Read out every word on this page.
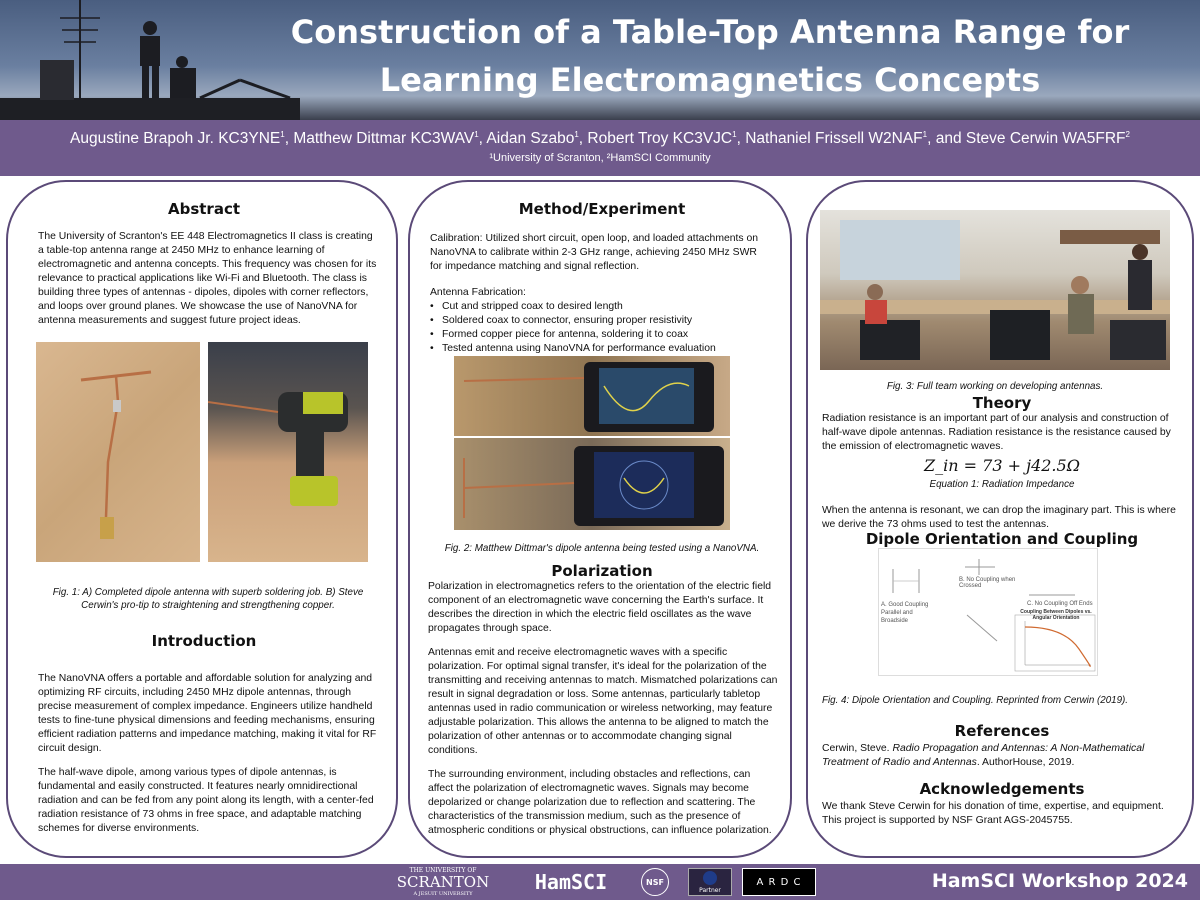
Construction of a Table-Top Antenna Range for Learning Electromagnetics Concepts
Augustine Brapoh Jr. KC3YNE$^1$, Matthew Dittmar KC3WAV$^1$, Aidan Szabo$^1$, Robert Troy KC3VJC$^1$, Nathaniel Frissell W2NAF$^1$, and Steve Cerwin WA5FRF$^2$
¹University of Scranton, ²HamSCI Community
Abstract
The University of Scranton's EE 448 Electromagnetics II class is creating a table-top antenna range at 2450 MHz to enhance learning of electromagnetic and antenna concepts. This frequency was chosen for its relevance to practical applications like Wi-Fi and Bluetooth. The class is building three types of antennas - dipoles, dipoles with corner reflectors, and loops over ground planes. We showcase the use of NanoVNA for antenna measurements and suggest future project ideas.
Fig. 1: A) Completed dipole antenna with superb soldering job. B) Steve Cerwin's pro-tip to straightening and strengthening copper.
Introduction
The NanoVNA offers a portable and affordable solution for analyzing and optimizing RF circuits, including 2450 MHz dipole antennas, through precise measurement of complex impedance. Engineers utilize handheld tests to fine-tune physical dimensions and feeding mechanisms, ensuring efficient radiation patterns and impedance matching, making it vital for RF circuit design.
The half-wave dipole, among various types of dipole antennas, is fundamental and easily constructed. It features nearly omnidirectional radiation and can be fed from any point along its length, with a center-fed radiation resistance of 73 ohms in free space, and adaptable matching schemes for diverse environments.
Method/Experiment
Calibration: Utilized short circuit, open loop, and loaded attachments on NanoVNA to calibrate within 2-3 GHz range, achieving 2450 MHz SWR for impedance matching and signal reflection.
Antenna Fabrication:
• Cut and stripped coax to desired length
• Soldered coax to connector, ensuring proper resistivity
• Formed copper piece for antenna, soldering it to coax
• Tested antenna using NanoVNA for performance evaluation
Fig. 2: Matthew Dittmar's dipole antenna being tested using a NanoVNA.
Polarization
Polarization in electromagnetics refers to the orientation of the electric field component of an electromagnetic wave concerning the Earth's surface. It describes the direction in which the electric field oscillates as the wave propagates through space.
Antennas emit and receive electromagnetic waves with a specific polarization. For optimal signal transfer, it's ideal for the polarization of the transmitting and receiving antennas to match. Mismatched polarizations can result in signal degradation or loss. Some antennas, particularly tabletop antennas used in radio communication or wireless networking, may feature adjustable polarization. This allows the antenna to be aligned to match the polarization of other antennas or to accommodate changing signal conditions.
The surrounding environment, including obstacles and reflections, can affect the polarization of electromagnetic waves. Signals may become depolarized or change polarization due to reflection and scattering. The characteristics of the transmission medium, such as the presence of atmospheric conditions or physical obstructions, can influence polarization.
Fig. 3: Full team working on developing antennas.
Theory
Radiation resistance is an important part of our analysis and construction of half-wave dipole antennas. Radiation resistance is the resistance caused by the emission of electromagnetic waves.
Z_in = 73 + j42.5Ω
Equation 1: Radiation Impedance
When the antenna is resonant, we can drop the imaginary part. This is where we derive the 73 ohms used to test the antennas.
Dipole Orientation and Coupling
A. Good Coupling Parallel and Broadside
B. No Coupling when Crossed
C. No Coupling Off Ends
Coupling Between Dipoles vs. Angular Orientation
Fig. 4: Dipole Orientation and Coupling. Reprinted from Cerwin (2019).
References
Cerwin, Steve. Radio Propagation and Antennas: A Non-Mathematical Treatment of Radio and Antennas. AuthorHouse, 2019.
Acknowledgements
We thank Steve Cerwin for his donation of time, expertise, and equipment. This project is supported by NSF Grant AGS-2045755.
THE UNIVERSITY OF
SCRANTON
A JESUIT UNIVERSITY	HamSCI	NSF
Partner
A R D C	HamSCI Workshop 2024
